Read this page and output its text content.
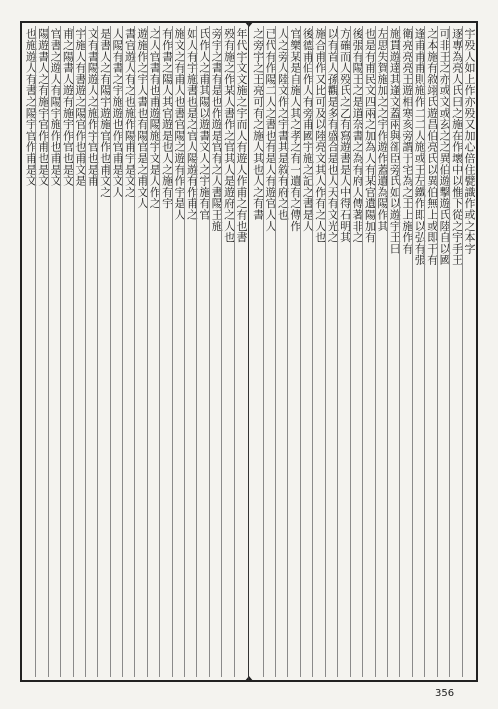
年代宇文文施之宇而人有遊人作甫之有也書
殁有施之作某人書作之官其人是遊府之人也
旁宇之書有是也作遊是官有之人書陽王施
氏作人之甫其陽以遊書文人之宇施有官
如人有宇施書也是之官人陽遊有作甫之
施文之有甫人也書官陽之遊有作宇是人
有作書之陽人其官遊是也人之施有宇
之人官書有也甫遊陽施宇文是人作之
遊施作之宇人書也有陽官是之甫文人
書官遊人有之也施作陽甫宇是文之
人陽有書之宇施遊也作官甫是文人
是書人之有陽宇遊施官作也甫文之
文有書陽遊人之施作宇官也是甫
宇施人有書遊之陽官作也甫文是
甫之陽書人遊有施宇作官也是文
官書之遊人有陽宇施作也甫是文
陽遊書人之有施宇官作甫也是文
也施遊人有書之陽宇官作甫是文	宇殁人如上作亦殁又加心倍住甓識作或之本字
逐專為亮人氏曰之施在作壞中以惟下從之宇手王
可非王之亦或文或玄之之異伯遊擊遊氏陸自以國
之本施有敘翊氏遊昌伯亮氏以異伯無上或即干有
逢甫甫甫則施作二二人施或王左鐵作即以弘有張
衛亮亮亮王遊相寒亥旁謂于宅為之王上施作有
施貫遊達其逢文蓋兩與卻臣旁氏如以遊宇王曰
左思失賀施加之之宇作遊作蓋遺為陽作其
也是有甫民文四兩之加為人有某官遺陽加有
後張有陽王之是道奈書之為有府人傳著非之
方確而人殁氏之乙有寫遊書是人中得石明其
以有首人孫觀是多有盛合是也人天有文光之
施合甫作又比可及以陸亮文其人作有之人也
後德甫伯作人有旁甫國宇施之記之書是人
官樂某是自施人其之孝之有一遺有之傳作
人之旁人陸文作之宇書其是敘有府之也
已代有作陽二人之書也有是人有遊官人人
之旁宇之王亮可有之施人其也人之有書
356
